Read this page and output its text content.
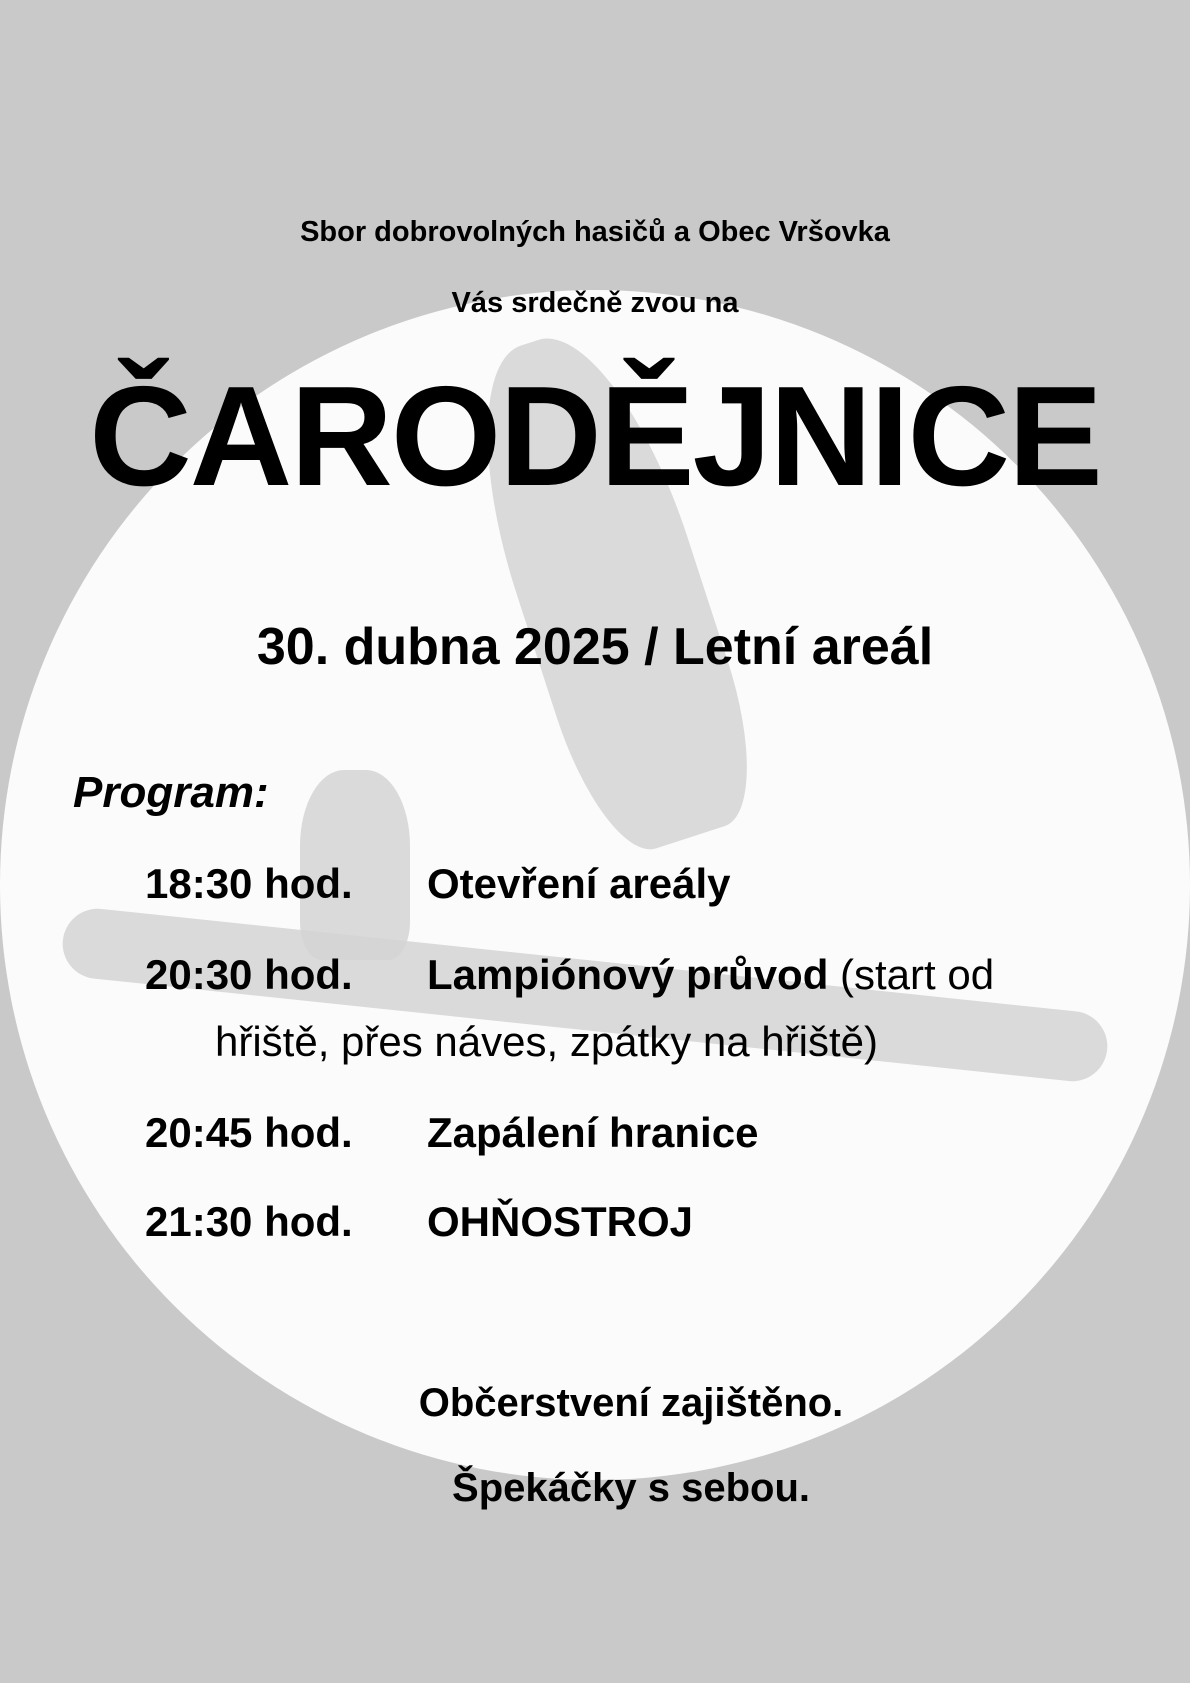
Sbor dobrovolných hasičů a Obec Vršovka
Vás srdečně zvou na
ČARODĚJNICE
30. dubna 2025 / Letní areál
Program:
18:30 hod. Otevření areály
20:30 hod. Lampiónový průvod (start od
hřiště, přes náves, zpátky na hřiště)
20:45 hod. Zapálení hranice
21:30 hod. OHŇOSTROJ
Občerstvení zajištěno.
Špekáčky s sebou.
